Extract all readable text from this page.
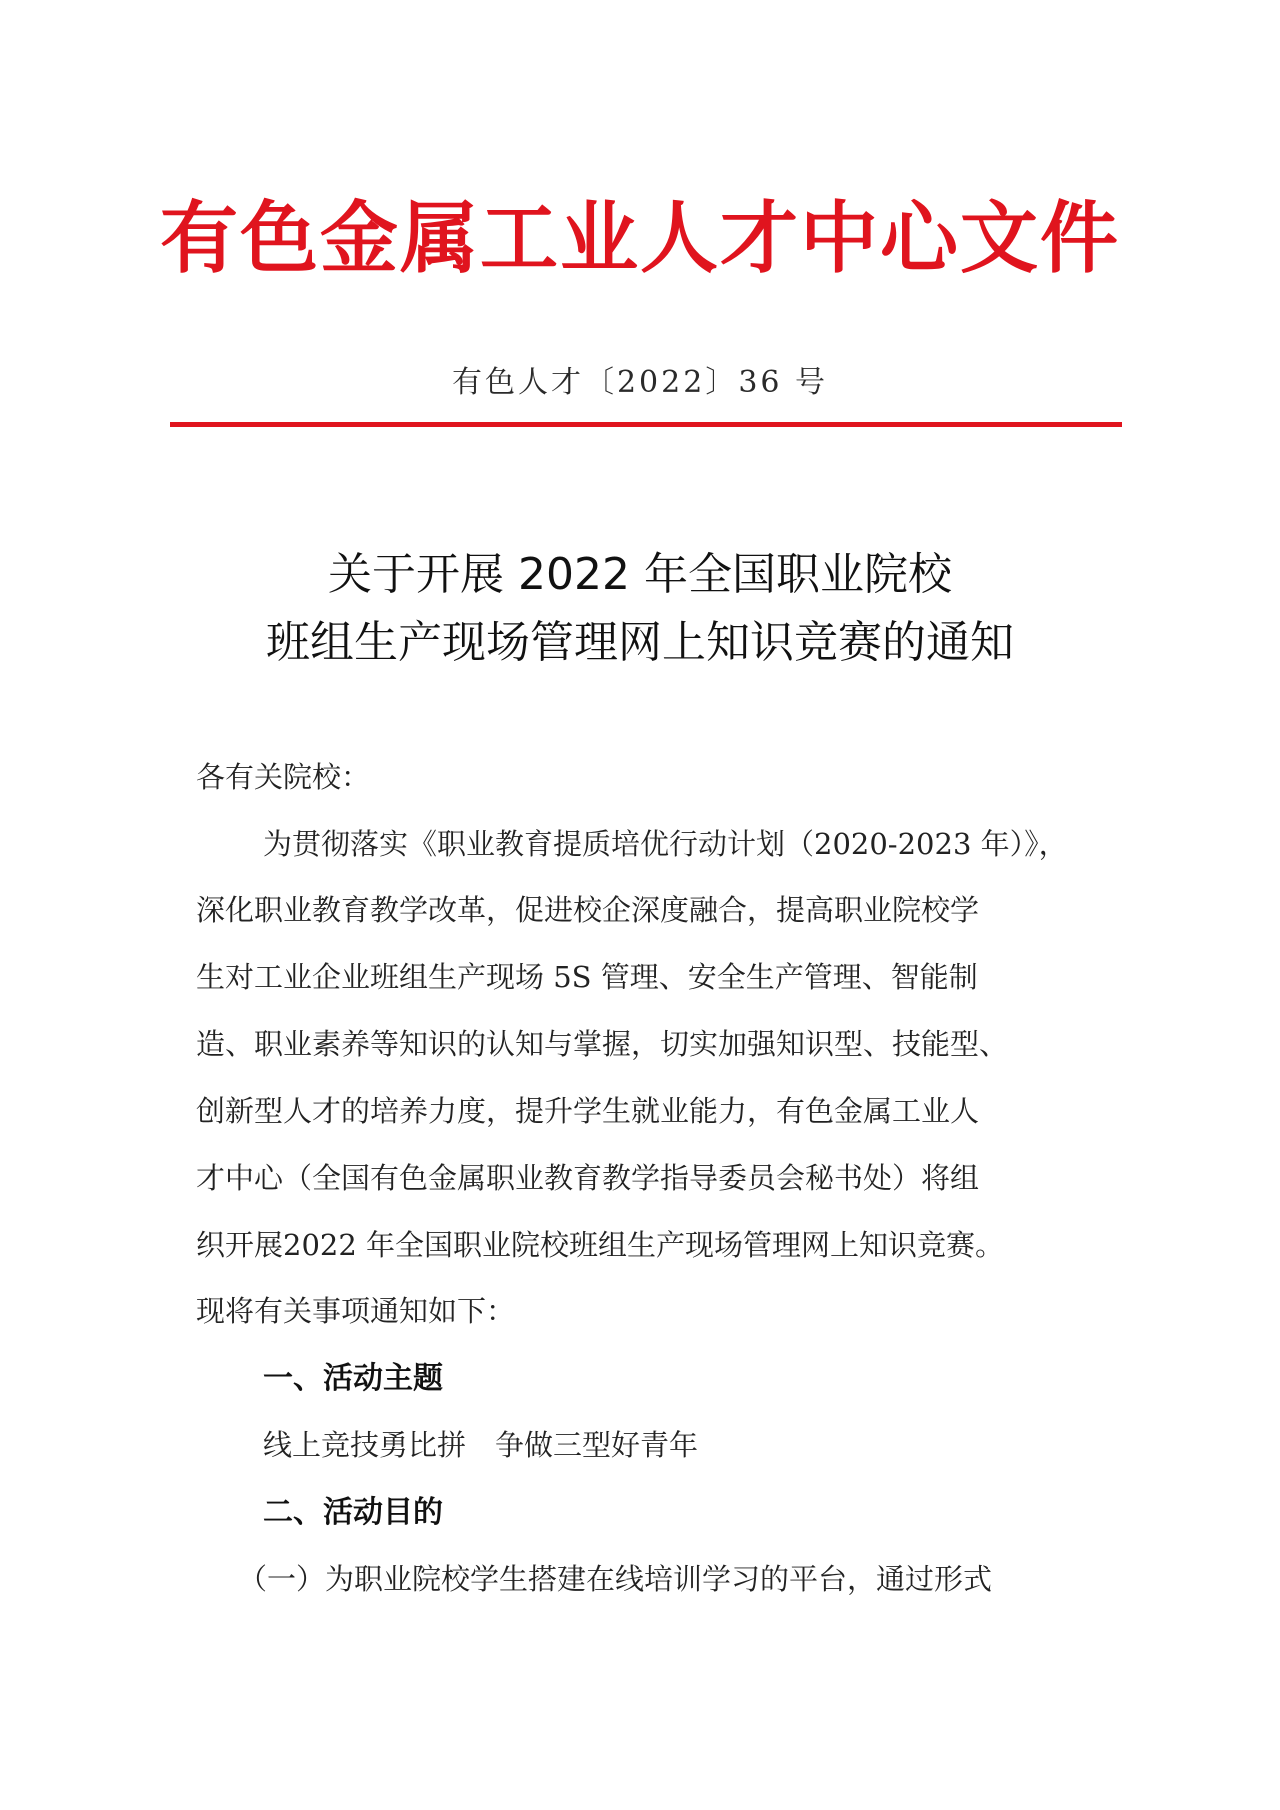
有色金属工业人才中心文件
有色人才〔2022〕36 号
关于开展 2022 年全国职业院校
班组生产现场管理网上知识竞赛的通知
各有关院校：
为贯彻落实《职业教育提质培优行动计划（2020-2023 年）》，
深化职业教育教学改革，促进校企深度融合，提高职业院校学
生对工业企业班组生产现场 5S 管理、安全生产管理、智能制
造、职业素养等知识的认知与掌握，切实加强知识型、技能型、
创新型人才的培养力度，提升学生就业能力，有色金属工业人
才中心（全国有色金属职业教育教学指导委员会秘书处）将组
织开展2022 年全国职业院校班组生产现场管理网上知识竞赛。
现将有关事项通知如下：
一、活动主题
线上竞技勇比拼　争做三型好青年
二、活动目的
（一）为职业院校学生搭建在线培训学习的平台，通过形式
